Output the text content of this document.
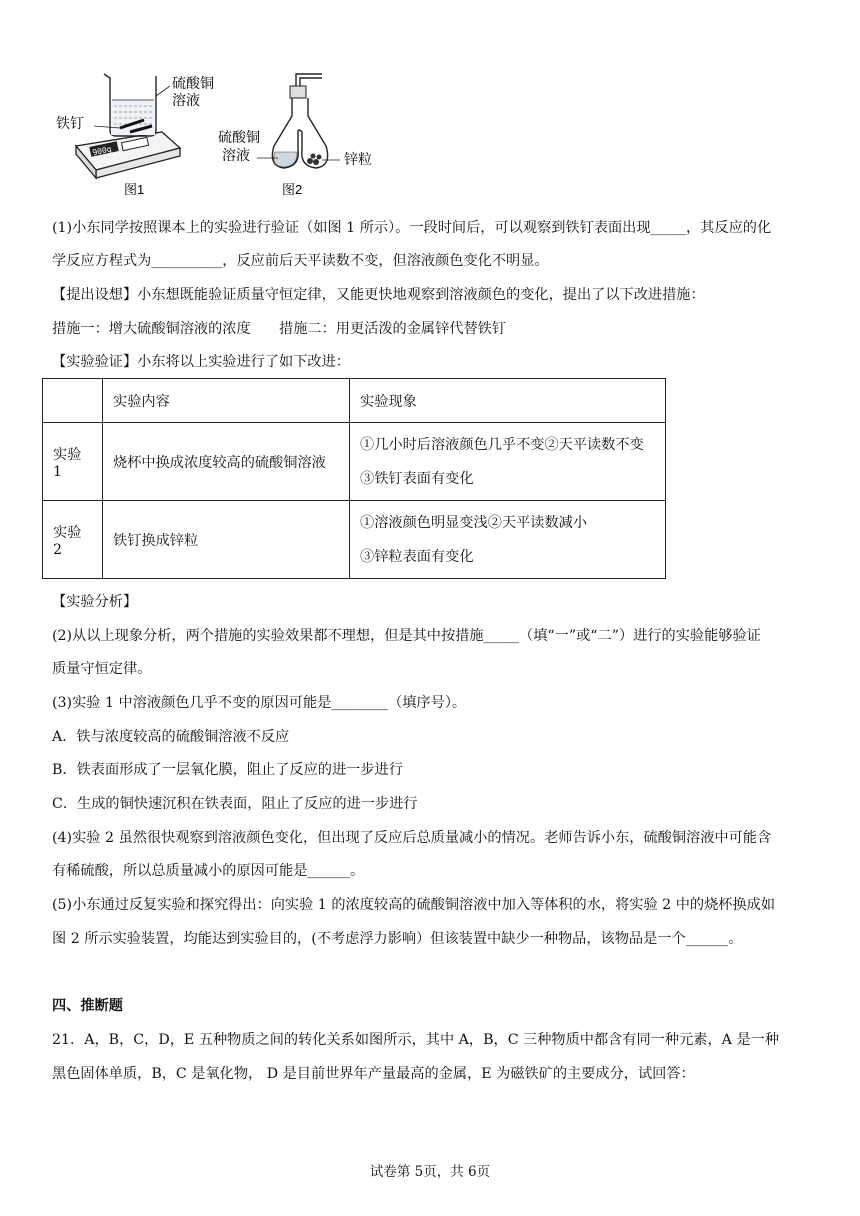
900g
硫酸铜
溶液
铁钉
图1
硫酸铜
溶液	锌粒
图2
(1)小东同学按照课本上的实验进行验证（如图 1 所示）。一段时间后，可以观察到铁钉表面出现_____，其反应的化
学反应方程式为__________，反应前后天平读数不变，但溶液颜色变化不明显。
【提出设想】小东想既能验证质量守恒定律，又能更快地观察到溶液颜色的变化，提出了以下改进措施：
措施一：增大硫酸铜溶液的浓度　　措施二：用更活泼的金属锌代替铁钉
【实验验证】小东将以上实验进行了如下改进：
	实验内容	实验现象
实验 1	烧杯中换成浓度较高的硫酸铜溶液	①几小时后溶液颜色几乎不变②天平读数不变
③铁钉表面有变化

实验 2	铁钉换成锌粒	①溶液颜色明显变浅②天平读数减小
③锌粒表面有变化
【实验分析】
(2)从以上现象分析，两个措施的实验效果都不理想，但是其中按措施_____（填“一”或“二”）进行的实验能够验证
质量守恒定律。
(3)实验 1 中溶液颜色几乎不变的原因可能是________（填序号）。
A．铁与浓度较高的硫酸铜溶液不反应
B．铁表面形成了一层氧化膜，阻止了反应的进一步进行
C．生成的铜快速沉积在铁表面，阻止了反应的进一步进行
(4)实验 2 虽然很快观察到溶液颜色变化，但出现了反应后总质量减小的情况。老师告诉小东，硫酸铜溶液中可能含
有稀硫酸，所以总质量减小的原因可能是______。
(5)小东通过反复实验和探究得出：向实验 1 的浓度较高的硫酸铜溶液中加入等体积的水，将实验 2 中的烧杯换成如
图 2 所示实验装置，均能达到实验目的，(不考虑浮力影响）但该装置中缺少一种物品，该物品是一个______。
四、推断题
21．A，B，C，D，E 五种物质之间的转化关系如图所示，其中 A，B，C 三种物质中都含有同一种元素，A 是一种
黑色固体单质，B，C 是氧化物， D 是目前世界年产量最高的金属，E 为磁铁矿的主要成分，试回答：
试卷第 5页，共 6页
